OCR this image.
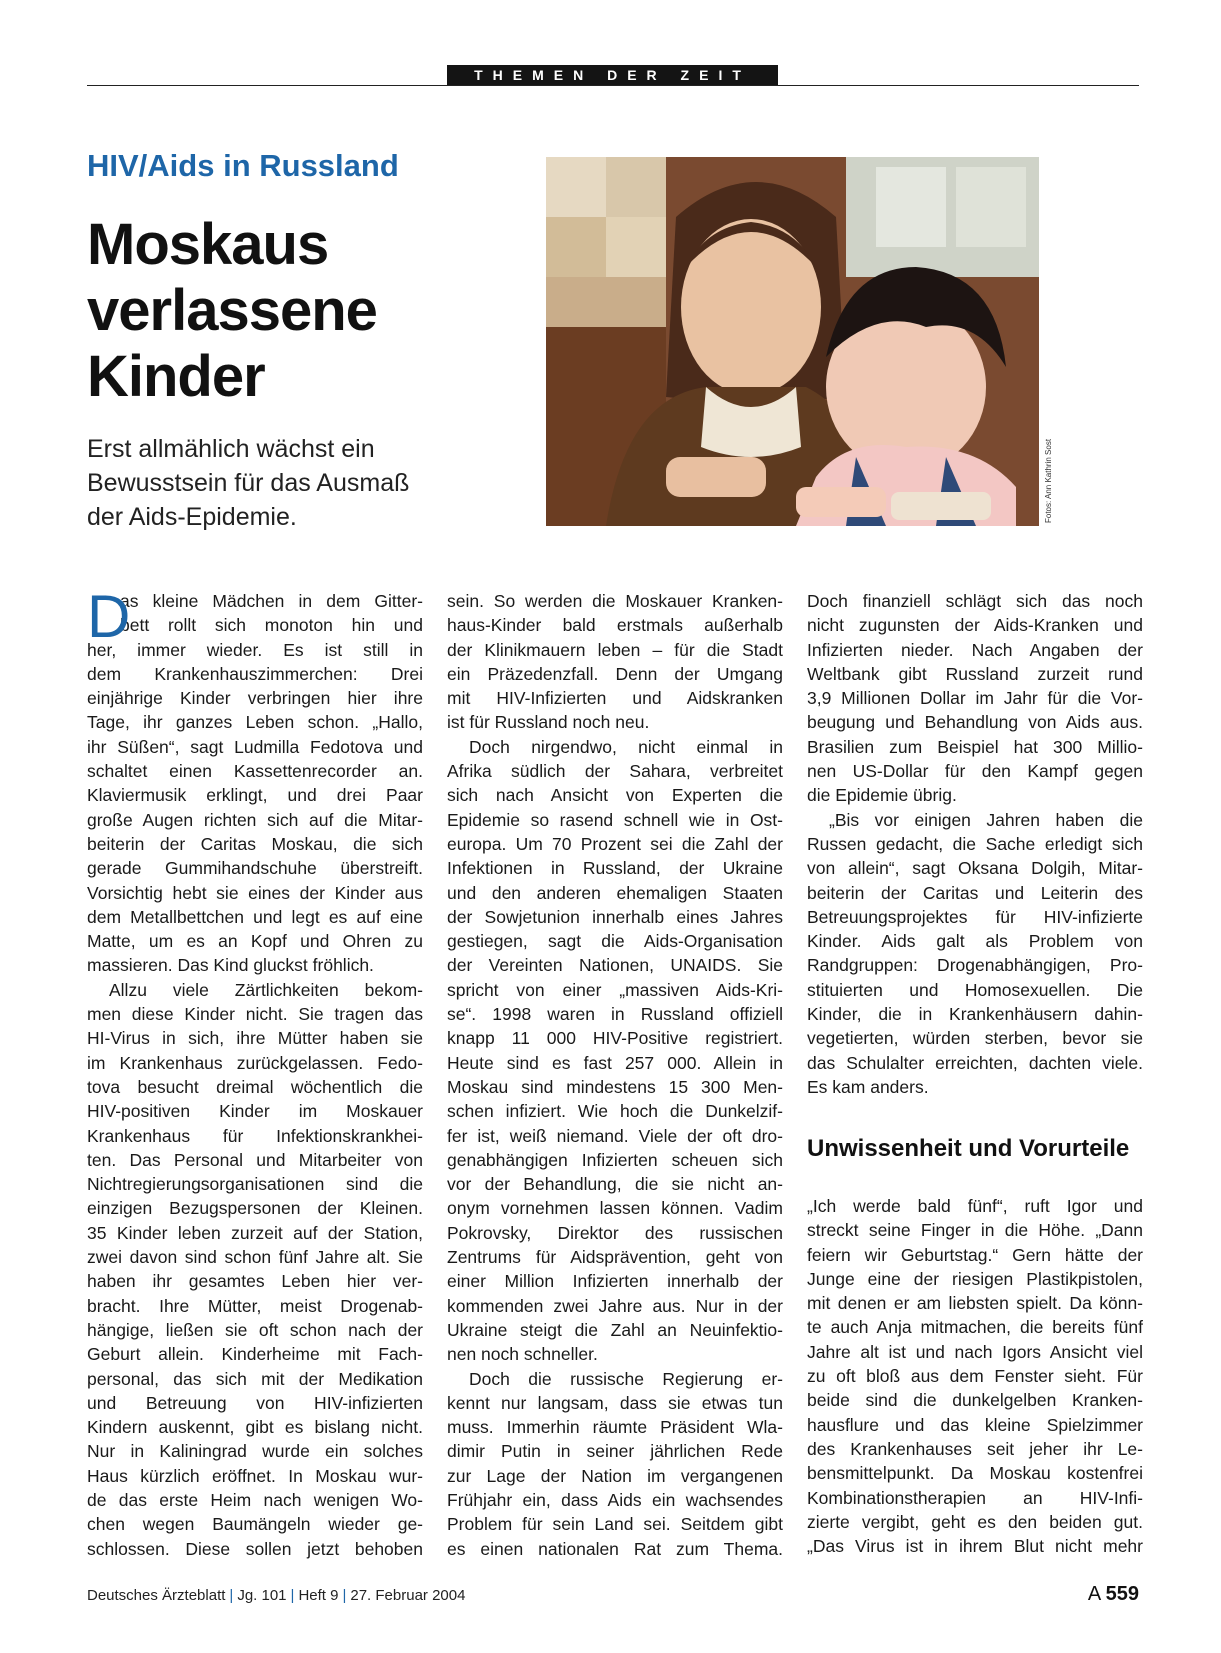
THEMEN DER ZEIT
HIV/Aids in Russland
Moskaus
verlassene
Kinder
Erst allmählich wächst ein
Bewusstsein für das Ausmaß
der Aids-Epidemie.	Fotos: Ann Kathrin Sost
D
as kleine Mädchen in dem Gitter-
bett rollt sich monoton hin und
her, immer wieder. Es ist still in
dem Krankenhauszimmerchen: Drei
einjährige Kinder verbringen hier ihre
Tage, ihr ganzes Leben schon. „Hallo,
ihr Süßen“, sagt Ludmilla Fedotova und
schaltet einen Kassettenrecorder an.
Klaviermusik erklingt, und drei Paar
große Augen richten sich auf die Mitar-
beiterin der Caritas Moskau, die sich
gerade Gummihandschuhe überstreift.
Vorsichtig hebt sie eines der Kinder aus
dem Metallbettchen und legt es auf eine
Matte, um es an Kopf und Ohren zu
massieren. Das Kind gluckst fröhlich.
Allzu viele Zärtlichkeiten bekom-
men diese Kinder nicht. Sie tragen das
HI-Virus in sich, ihre Mütter haben sie
im Krankenhaus zurückgelassen. Fedo-
tova besucht dreimal wöchentlich die
HIV-positiven Kinder im Moskauer
Krankenhaus für Infektionskrankhei-
ten. Das Personal und Mitarbeiter von
Nichtregierungsorganisationen sind die
einzigen Bezugspersonen der Kleinen.
35 Kinder leben zurzeit auf der Station,
zwei davon sind schon fünf Jahre alt. Sie
haben ihr gesamtes Leben hier ver-
bracht. Ihre Mütter, meist Drogenab-
hängige, ließen sie oft schon nach der
Geburt allein. Kinderheime mit Fach-
personal, das sich mit der Medikation
und Betreuung von HIV-infizierten
Kindern auskennt, gibt es bislang nicht.
Nur in Kaliningrad wurde ein solches
Haus kürzlich eröffnet. In Moskau wur-
de das erste Heim nach wenigen Wo-
chen wegen Baumängeln wieder ge-
schlossen. Diese sollen jetzt behoben
sein. So werden die Moskauer Kranken-
haus-Kinder bald erstmals außerhalb
der Klinikmauern leben – für die Stadt
ein Präzedenzfall. Denn der Umgang
mit HIV-Infizierten und Aidskranken
ist für Russland noch neu.
Doch nirgendwo, nicht einmal in
Afrika südlich der Sahara, verbreitet
sich nach Ansicht von Experten die
Epidemie so rasend schnell wie in Ost-
europa. Um 70 Prozent sei die Zahl der
Infektionen in Russland, der Ukraine
und den anderen ehemaligen Staaten
der Sowjetunion innerhalb eines Jahres
gestiegen, sagt die Aids-Organisation
der Vereinten Nationen, UNAIDS. Sie
spricht von einer „massiven Aids-Kri-
se“. 1998 waren in Russland offiziell
knapp 11 000 HIV-Positive registriert.
Heute sind es fast 257 000. Allein in
Moskau sind mindestens 15 300 Men-
schen infiziert. Wie hoch die Dunkelzif-
fer ist, weiß niemand. Viele der oft dro-
genabhängigen Infizierten scheuen sich
vor der Behandlung, die sie nicht an-
onym vornehmen lassen können. Vadim
Pokrovsky, Direktor des russischen
Zentrums für Aidsprävention, geht von
einer Million Infizierten innerhalb der
kommenden zwei Jahre aus. Nur in der
Ukraine steigt die Zahl an Neuinfektio-
nen noch schneller.
Doch die russische Regierung er-
kennt nur langsam, dass sie etwas tun
muss. Immerhin räumte Präsident Wla-
dimir Putin in seiner jährlichen Rede
zur Lage der Nation im vergangenen
Frühjahr ein, dass Aids ein wachsendes
Problem für sein Land sei. Seitdem gibt
es einen nationalen Rat zum Thema.
Doch finanziell schlägt sich das noch
nicht zugunsten der Aids-Kranken und
Infizierten nieder. Nach Angaben der
Weltbank gibt Russland zurzeit rund
3,9 Millionen Dollar im Jahr für die Vor-
beugung und Behandlung von Aids aus.
Brasilien zum Beispiel hat 300 Millio-
nen US-Dollar für den Kampf gegen
die Epidemie übrig.
„Bis vor einigen Jahren haben die
Russen gedacht, die Sache erledigt sich
von allein“, sagt Oksana Dolgih, Mitar-
beiterin der Caritas und Leiterin des
Betreuungsprojektes für HIV-infizierte
Kinder. Aids galt als Problem von
Randgruppen: Drogenabhängigen, Pro-
stituierten und Homosexuellen. Die
Kinder, die in Krankenhäusern dahin-
vegetierten, würden sterben, bevor sie
das Schulalter erreichten, dachten viele.
Es kam anders.
Unwissenheit und Vorurteile
„Ich werde bald fünf“, ruft Igor und
streckt seine Finger in die Höhe. „Dann
feiern wir Geburtstag.“ Gern hätte der
Junge eine der riesigen Plastikpistolen,
mit denen er am liebsten spielt. Da könn-
te auch Anja mitmachen, die bereits fünf
Jahre alt ist und nach Igors Ansicht viel
zu oft bloß aus dem Fenster sieht. Für
beide sind die dunkelgelben Kranken-
hausflure und das kleine Spielzimmer
des Krankenhauses seit jeher ihr Le-
bensmittelpunkt. Da Moskau kostenfrei
Kombinationstherapien an HIV-Infi-
zierte vergibt, geht es den beiden gut.
„Das Virus ist in ihrem Blut nicht mehr
Deutsches Ärzteblatt | Jg. 101 | Heft 9 | 27. Februar 2004	A 559
